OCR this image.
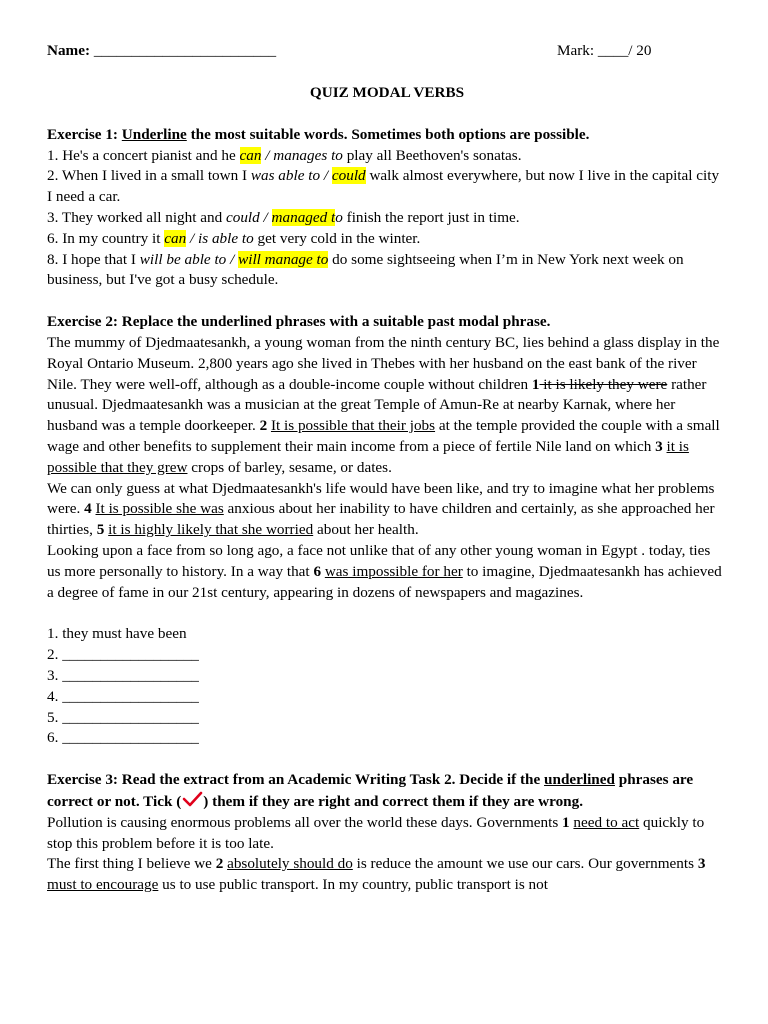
Name: ________________________	Mark: ____/ 20

QUIZ MODAL VERBS

Exercise 1: Underline the most suitable words. Sometimes both options are possible.

1. He's a concert pianist and he can / manages to play all Beethoven's sonatas.

2. When I lived in a small town I was able to / could walk almost everywhere, but now I live in the capital city I need a car.

3. They worked all night and could / managed to finish the report just in time.

6. In my country it can / is able to get very cold in the winter.

8. I hope that I will be able to / will manage to do some sightseeing when I’m in New York next week on business, but I've got a busy schedule.

Exercise 2: Replace the underlined phrases with a suitable past modal phrase.

The mummy of Djedmaatesankh, a young woman from the ninth century BC, lies behind a glass display in the Royal Ontario Museum. 2,800 years ago she lived in Thebes with her husband on the east bank of the river Nile. They were well-off, although as a double-income couple without children 1 it is likely they were rather unusual. Djedmaatesankh was a musician at the great Temple of Amun-Re at nearby Karnak, where her husband was a temple doorkeeper. 2 It is possible that their jobs at the temple provided the couple with a small wage and other benefits to supplement their main income from a piece of fertile Nile land on which 3 it is possible that they grew crops of barley, sesame, or dates.

We can only guess at what Djedmaatesankh's life would have been like, and try to imagine what her problems were. 4 It is possible she was anxious about her inability to have children and certainly, as she approached her thirties, 5 it is highly likely that she worried about her health.

Looking upon a face from so long ago, a face not unlike that of any other young woman in Egypt . today, ties us more personally to history. In a way that 6 was impossible for her to imagine, Djedmaatesankh has achieved a degree of fame in our 21st century, appearing in dozens of newspapers and magazines.

1. they must have been

2. __________________

3. __________________

4. __________________

5. __________________

6. __________________

Exercise 3: Read the extract from an Academic Writing Task 2. Decide if the underlined phrases are correct or not. Tick ( ) them if they are right and correct them if they are wrong.

Pollution is causing enormous problems all over the world these days. Governments 1 need to act quickly to stop this problem before it is too late.

The first thing I believe we 2 absolutely should do is reduce the amount we use our cars. Our governments 3 must to encourage us to use public transport. In my country, public transport is not
